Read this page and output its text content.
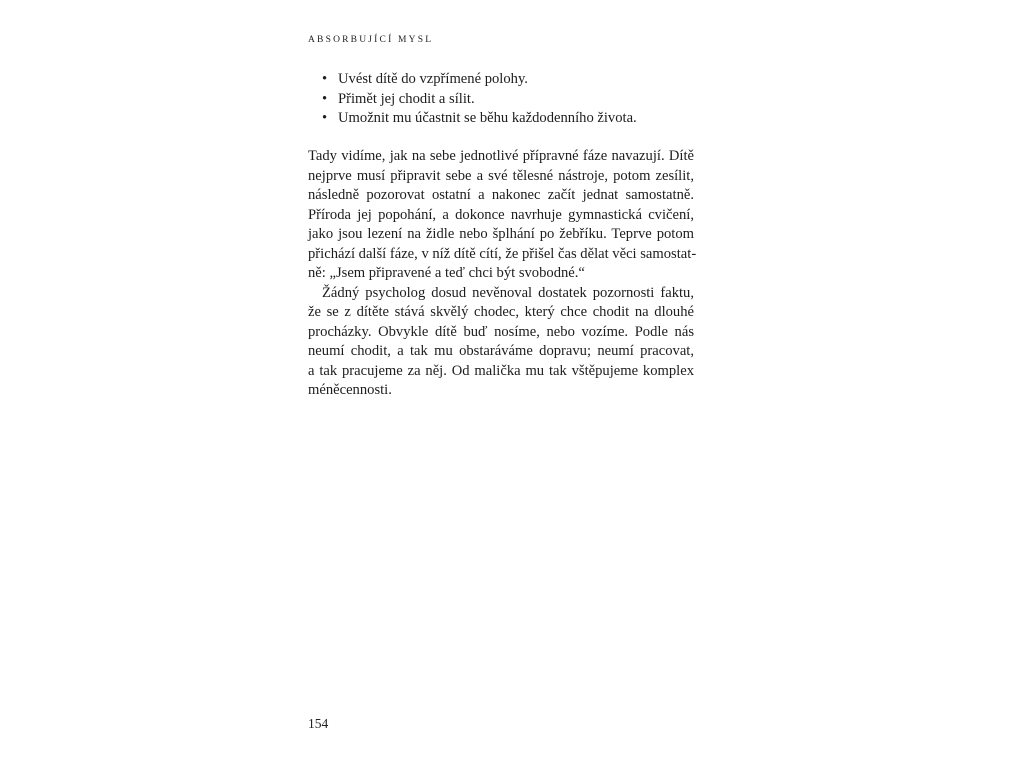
ABSORBUJÍCÍ MYSL
• Uvést dítě do vzpřímené polohy.
• Přimět jej chodit a sílit.
• Umožnit mu účastnit se běhu každodenního života.
Tady vidíme, jak na sebe jednotlivé přípravné fáze navazují. Dítě
nejprve musí připravit sebe a své tělesné nástroje, potom zesílit,
následně pozorovat ostatní a nakonec začít jednat samostatně.
Příroda jej popohání, a dokonce navrhuje gymnastická cvičení,
jako jsou lezení na židle nebo šplhání po žebříku. Teprve potom
přichází další fáze, v níž dítě cítí, že přišel čas dělat věci samostat-
ně: „Jsem připravené a teď chci být svobodné.“
Žádný psycholog dosud nevěnoval dostatek pozornosti faktu,
že se z dítěte stává skvělý chodec, který chce chodit na dlouhé
procházky. Obvykle dítě buď nosíme, nebo vozíme. Podle nás
neumí chodit, a tak mu obstaráváme dopravu; neumí pracovat,
a tak pracujeme za něj. Od malička mu tak vštěpujeme komplex
méněcennosti.
154
